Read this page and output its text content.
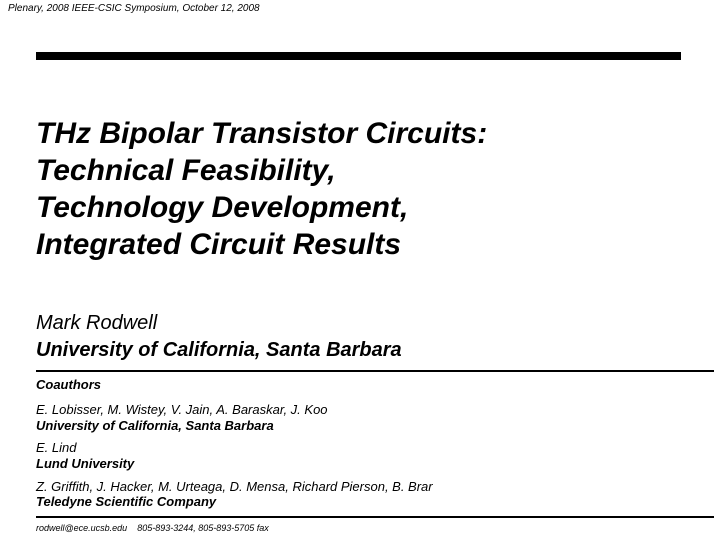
Plenary, 2008 IEEE-CSIC Symposium, October 12, 2008
THz Bipolar Transistor Circuits:
Technical Feasibility,
Technology Development,
Integrated Circuit Results
Mark Rodwell
University of California, Santa Barbara
Coauthors
E. Lobisser, M. Wistey, V. Jain, A. Baraskar, J. Koo
University of California, Santa Barbara
E. Lind
Lund University
Z. Griffith, J. Hacker, M. Urteaga, D. Mensa, Richard Pierson, B. Brar
Teledyne Scientific Company
rodwell@ece.ucsb.edu 805-893-3244, 805-893-5705 fax
